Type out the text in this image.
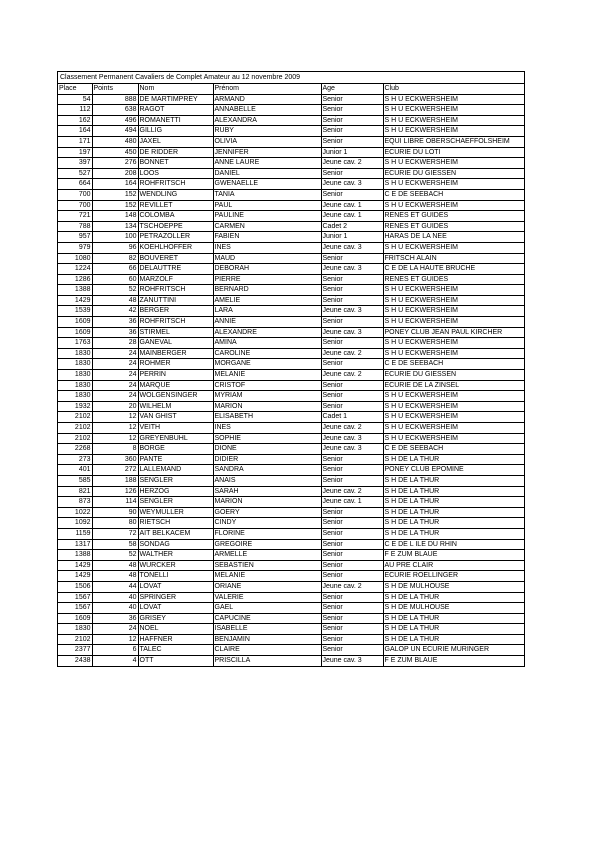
Classement Permanent Cavaliers de Complet Amateur au 12 novembre 2009
Place	Points	Nom	Prénom	Age	Club
54	888	DE MARTIMPREY	ARMAND	Senior	S H U ECKWERSHEIM
112	638	RAGOT	ANNABELLE	Senior	S H U ECKWERSHEIM
162	496	ROMANETTI	ALEXANDRA	Senior	S H U ECKWERSHEIM
164	494	GILLIG	RUBY	Senior	S H U ECKWERSHEIM
171	480	JAXEL	OLIVIA	Senior	EQUI LIBRE OBERSCHAEFFOLSHEIM
197	450	DE RIDDER	JENNIFER	Junior 1	ECURIE DU LOTI
397	276	BONNET	ANNE LAURE	Jeune cav. 2	S H U ECKWERSHEIM
527	208	LOOS	DANIEL	Senior	ECURIE DU GIESSEN
664	164	ROHFRITSCH	GWENAELLE	Jeune cav. 3	S H U ECKWERSHEIM
700	152	WENDLING	TANIA	Senior	C E DE SEEBACH
700	152	REVILLET	PAUL	Jeune cav. 1	S H U ECKWERSHEIM
721	148	COLOMBA	PAULINE	Jeune cav. 1	RENES ET GUIDES
788	134	TSCHOEPPE	CARMEN	Cadet 2	RENES ET GUIDES
957	100	PETRAZOLLER	FABIEN	Junior 1	HARAS DE LA NEE
979	96	KOEHLHOFFER	INES	Jeune cav. 3	S H U ECKWERSHEIM
1080	82	BOUVERET	MAUD	Senior	FRITSCH ALAIN
1224	66	DELAUTTRE	DEBORAH	Jeune cav. 3	C E DE LA HAUTE BRUCHE
1286	60	MARZOLF	PIERRE	Senior	RENES ET GUIDES
1388	52	ROHFRITSCH	BERNARD	Senior	S H U ECKWERSHEIM
1429	48	ZANUTTINI	AMELIE	Senior	S H U ECKWERSHEIM
1539	42	BERGER	LARA	Jeune cav. 3	S H U ECKWERSHEIM
1609	36	ROHFRITSCH	ANNIE	Senior	S H U ECKWERSHEIM
1609	36	STIRMEL	ALEXANDRE	Jeune cav. 3	PONEY CLUB JEAN PAUL KIRCHER
1763	28	GANEVAL	AMINA	Senior	S H U ECKWERSHEIM
1830	24	MAINBERGER	CAROLINE	Jeune cav. 2	S H U ECKWERSHEIM
1830	24	ROHMER	MORGANE	Senior	C E DE SEEBACH
1830	24	PERRIN	MELANIE	Jeune cav. 2	ECURIE DU GIESSEN
1830	24	MARQUE	CRISTOF	Senior	ECURIE DE LA ZINSEL
1830	24	WOLGENSINGER	MYRIAM	Senior	S H U ECKWERSHEIM
1932	20	WILHELM	MARION	Senior	S H U ECKWERSHEIM
2102	12	VAN GHIST	ELISABETH	Cadet 1	S H U ECKWERSHEIM
2102	12	VEITH	INES	Jeune cav. 2	S H U ECKWERSHEIM
2102	12	GREYENBUHL	SOPHIE	Jeune cav. 3	S H U ECKWERSHEIM
2268	8	BORGE	DIONE	Jeune cav. 3	C E DE SEEBACH
273	360	PANTE	DIDIER	Senior	S H DE LA THUR
401	272	LALLEMAND	SANDRA	Senior	PONEY CLUB EPOMINE
585	188	SENGLER	ANAIS	Senior	S H DE LA THUR
821	126	HERZOG	SARAH	Jeune cav. 2	S H DE LA THUR
873	114	SENGLER	MARION	Jeune cav. 1	S H DE LA THUR
1022	90	WEYMULLER	GOERY	Senior	S H DE LA THUR
1092	80	RIETSCH	CINDY	Senior	S H DE LA THUR
1159	72	AIT BELKACEM	FLORINE	Senior	S H DE LA THUR
1317	58	SONDAG	GREGOIRE	Senior	C E DE L ILE DU RHIN
1388	52	WALTHER	ARMELLE	Senior	F E ZUM BLAUE
1429	48	WURCKER	SEBASTIEN	Senior	AU PRE CLAIR
1429	48	TONELLI	MELANIE	Senior	ECURIE ROELLINGER
1506	44	LOVAT	ORIANE	Jeune cav. 2	S H DE MULHOUSE
1567	40	SPRINGER	VALERIE	Senior	S H DE LA THUR
1567	40	LOVAT	GAEL	Senior	S H DE MULHOUSE
1609	36	GRISEY	CAPUCINE	Senior	S H DE LA THUR
1830	24	NOEL	ISABELLE	Senior	S H DE LA THUR
2102	12	HAFFNER	BENJAMIN	Senior	S H DE LA THUR
2377	6	TALEC	CLAIRE	Senior	GALOP UN ECURIE MURINGER
2438	4	OTT	PRISCILLA	Jeune cav. 3	F E ZUM BLAUE
